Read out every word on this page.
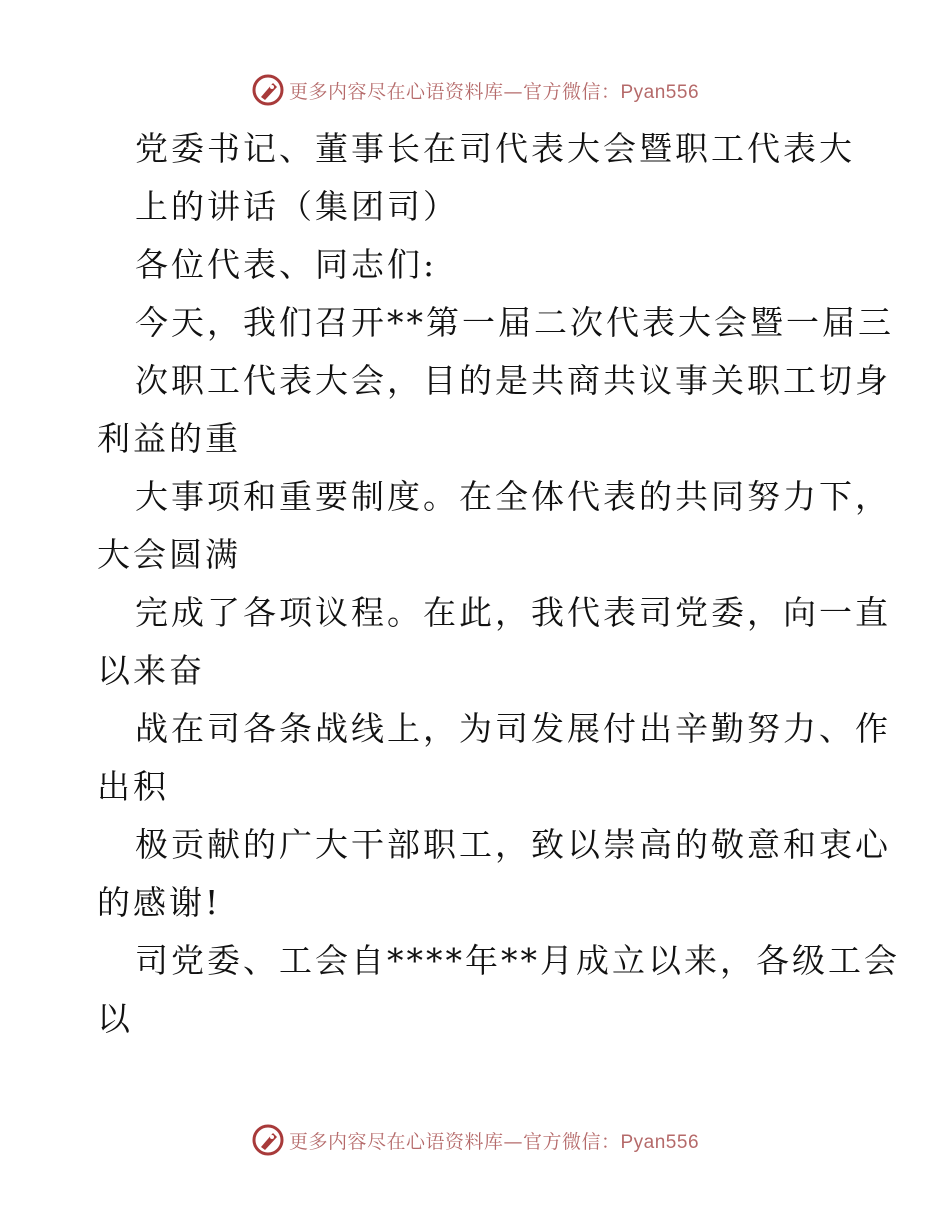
更多内容尽在心语资料库—官方微信：Pyan556
党委书记、董事长在司代表大会暨职工代表大
上的讲话（集团司）
各位代表、同志们:
今天，我们召开**第一届二次代表大会暨一届三
次职工代表大会，目的是共商共议事关职工切身
利益的重
大事项和重要制度。在全体代表的共同努力下，
大会圆满
完成了各项议程。在此，我代表司党委，向一直
以来奋
战在司各条战线上，为司发展付出辛勤努力、作
出积
极贡献的广大干部职工，致以崇高的敬意和衷心
的感谢!
司党委、工会自****年**月成立以来，各级工会
以
更多内容尽在心语资料库—官方微信：Pyan556
